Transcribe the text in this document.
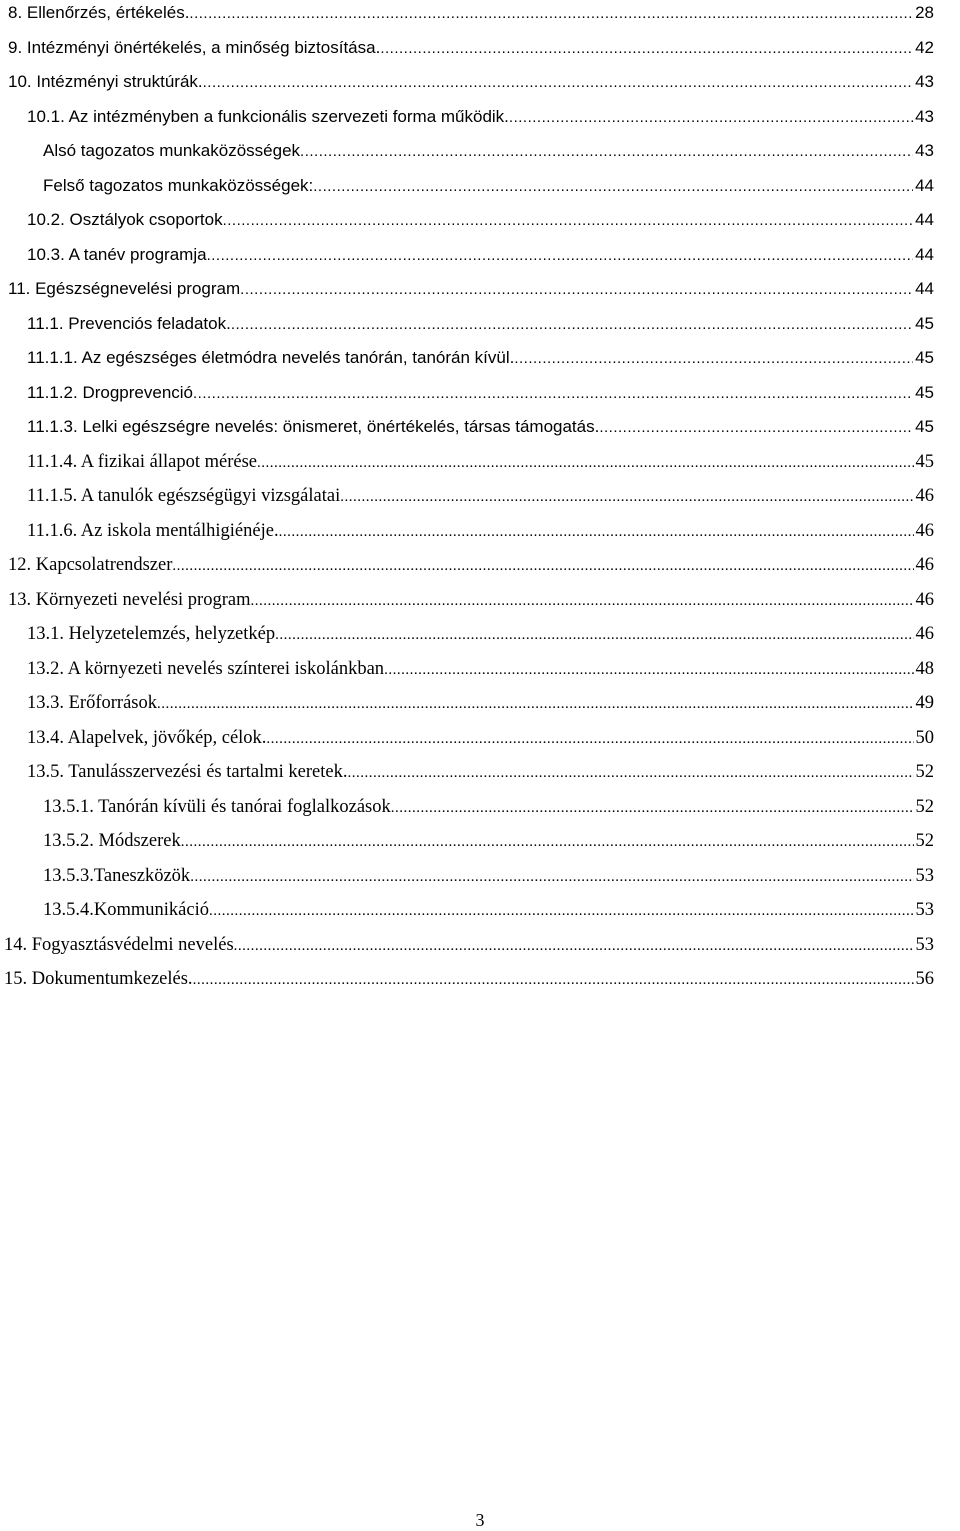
8. Ellenőrzés, értékelés. .....	28
9. Intézményi önértékelés, a minőség biztosítása. .....	42
10. Intézményi struktúrák. .....	43
10.1. Az intézményben a funkcionális szervezeti forma működik. .....	43
Alsó tagozatos munkaközösségek .....	43
Felső tagozatos munkaközösségek: .....	44
10.2. Osztályok csoportok .....	44
10.3. A tanév programja .....	44
11. Egészségnevelési program .....	44
11.1. Prevenciós feladatok. .....	45
11.1.1. Az egészséges életmódra nevelés tanórán, tanórán kívül. .....	45
11.1.2. Drogprevenció .....	45
11.1.3. Lelki egészségre nevelés: önismeret, önértékelés, társas támogatás. .....	45
11.1.4. A fizikai állapot mérése .....	45
11.1.5. A tanulók egészségügyi vizsgálatai .....	46
11.1.6. Az iskola mentálhigiénéje. .....	46
12. Kapcsolatrendszer .....	46
13. Környezeti nevelési program .....	46
13.1. Helyzetelemzés, helyzetkép .....	46
13.2. A környezeti nevelés színterei iskolánkban .....	48
13.3. Erőforrások .....	49
13.4. Alapelvek, jövőkép, célok. .....	50
13.5. Tanulásszervezési és tartalmi keretek. .....	52
13.5.1. Tanórán kívüli és tanórai foglalkozások .....	52
13.5.2. Módszerek .....	52
13.5.3.Taneszközök .....	53
13.5.4.Kommunikáció .....	53
14. Fogyasztásvédelmi nevelés .....	53
15. Dokumentumkezelés. .....	56
3
